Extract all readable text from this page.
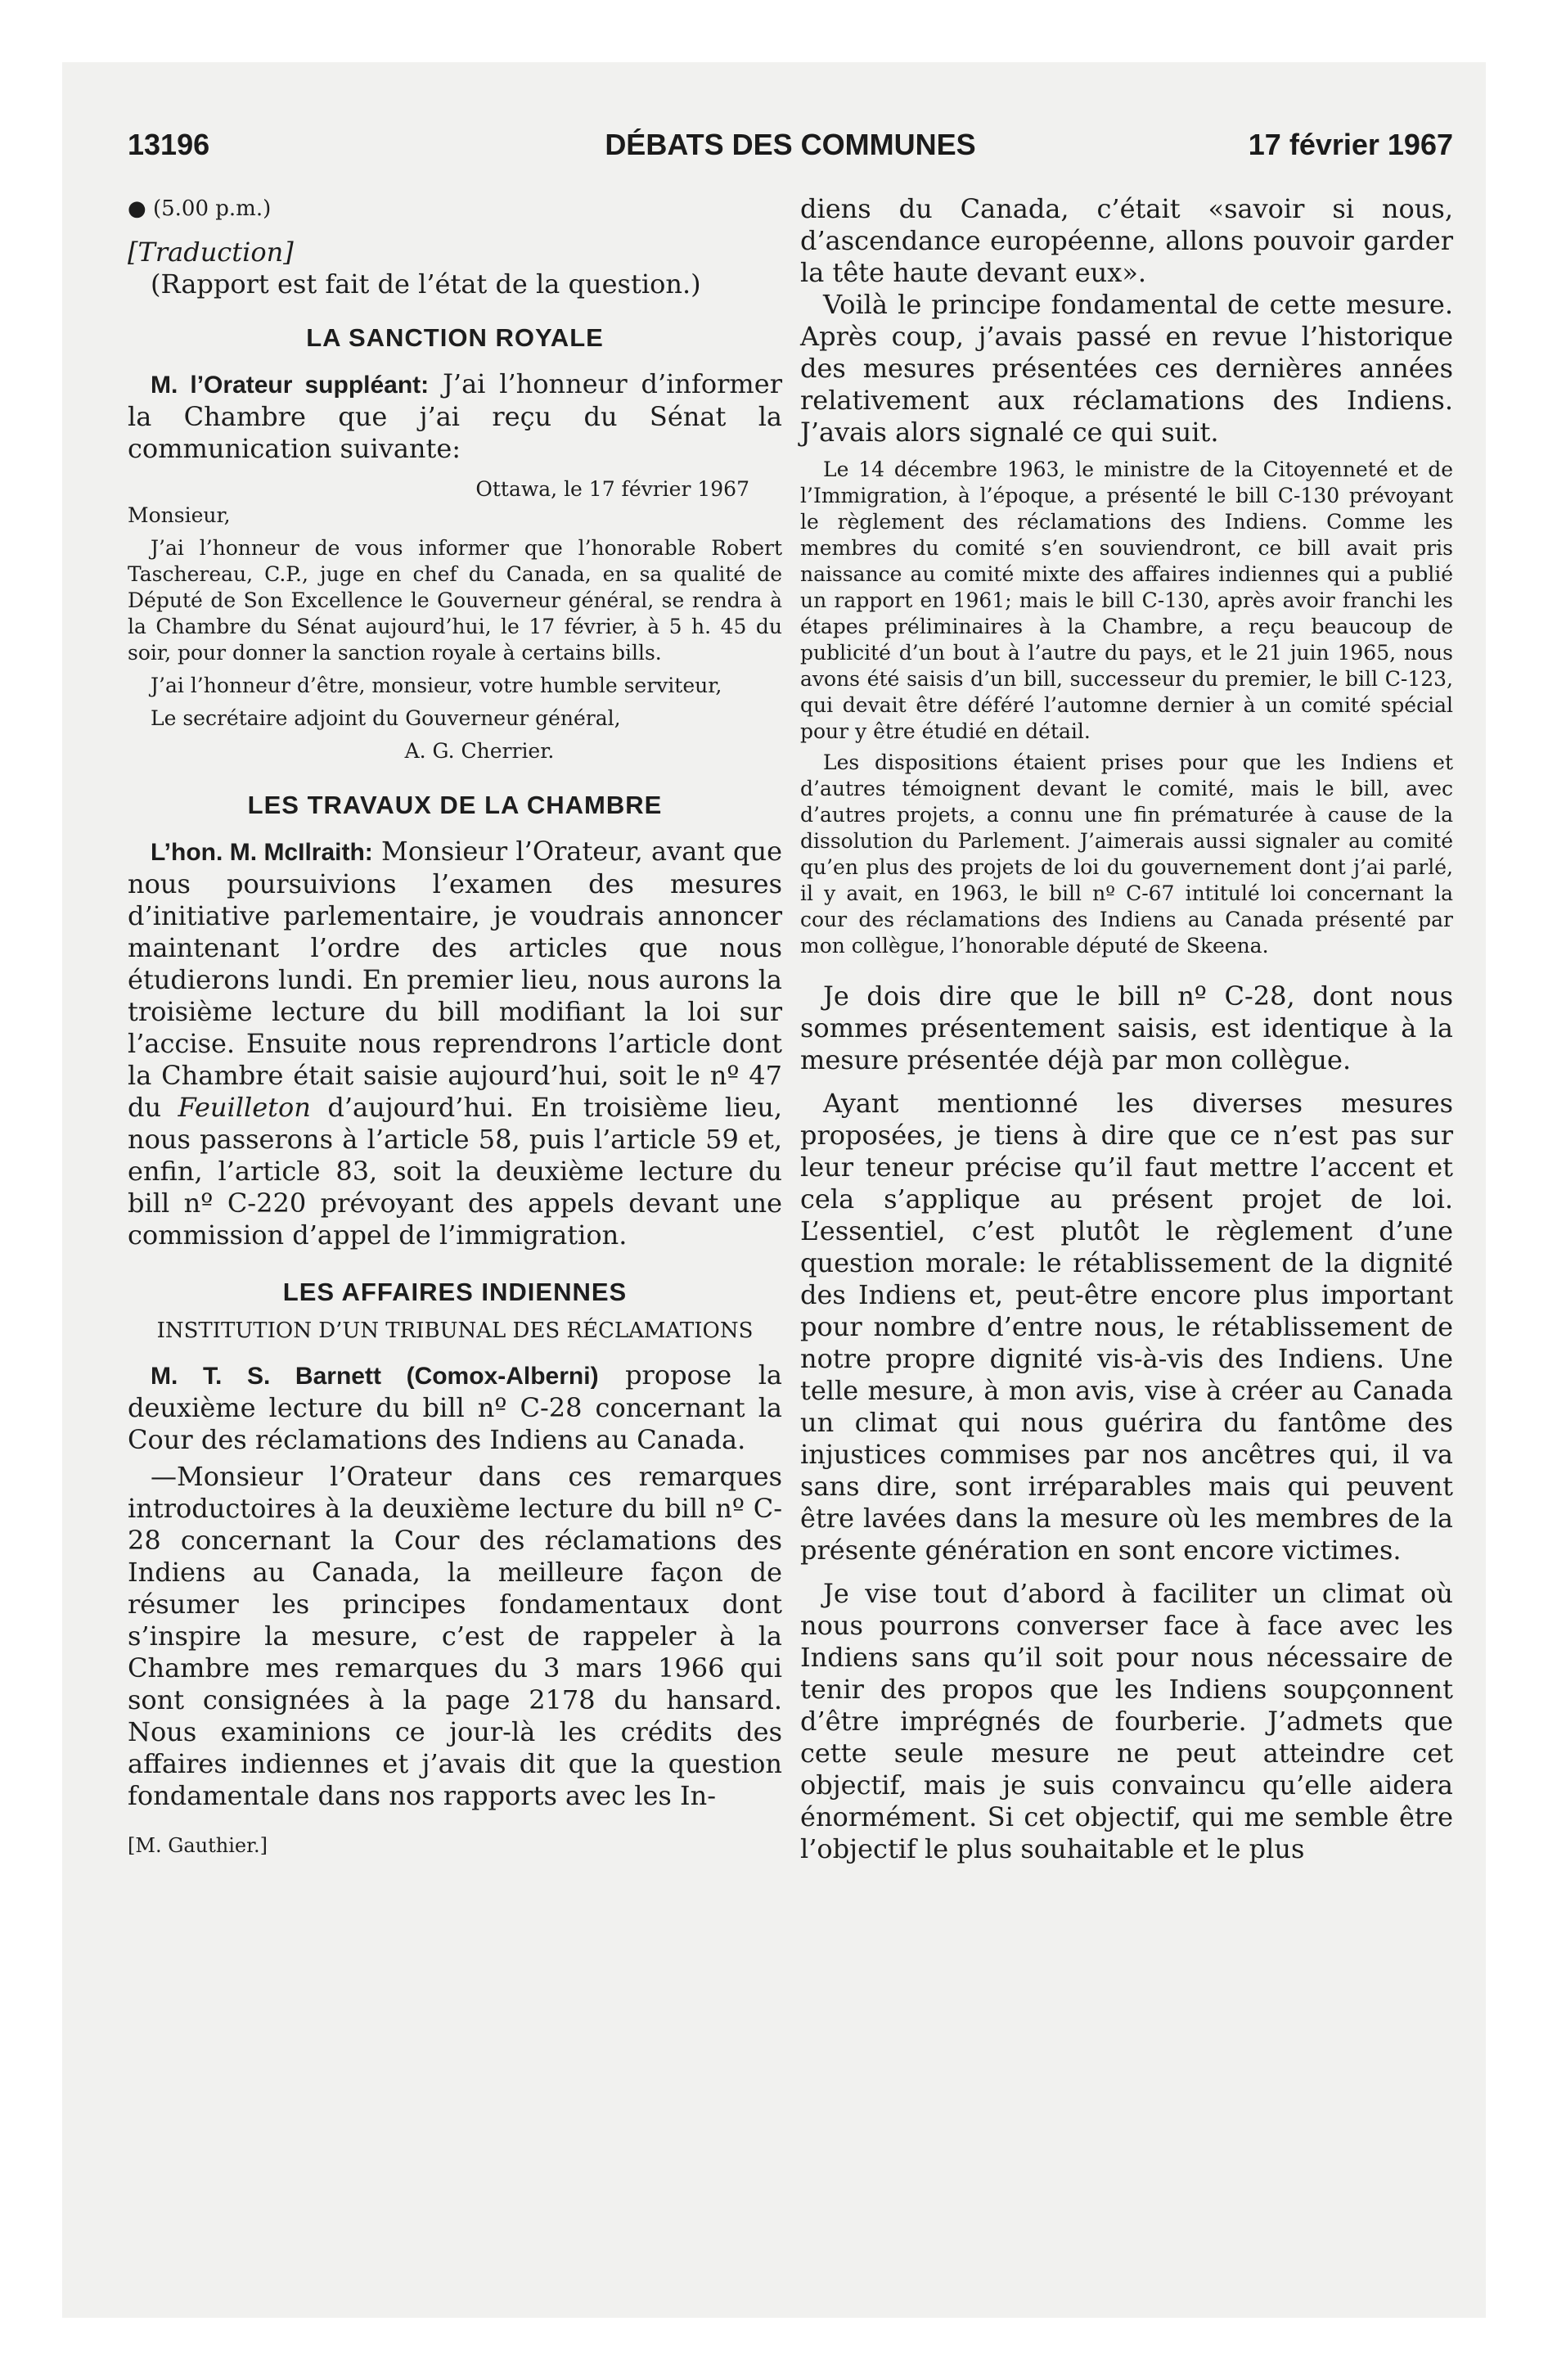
13196	DÉBATS DES COMMUNES	17 février 1967

● (5.00 p.m.)

[Traduction]

(Rapport est fait de l’état de la question.)

LA SANCTION ROYALE

M. l’Orateur suppléant: J’ai l’honneur d’informer la Chambre que j’ai reçu du Sénat la communication suivante:

Ottawa, le 17 février 1967

Monsieur,

J’ai l’honneur de vous informer que l’honorable Robert Taschereau, C.P., juge en chef du Canada, en sa qualité de Député de Son Excellence le Gouverneur général, se rendra à la Chambre du Sénat aujourd’hui, le 17 février, à 5 h. 45 du soir, pour donner la sanction royale à certains bills.

J’ai l’honneur d’être, monsieur, votre humble serviteur,

Le secrétaire adjoint du Gouverneur général,

A. G. Cherrier.

LES TRAVAUX DE LA CHAMBRE

L’hon. M. McIlraith: Monsieur l’Orateur, avant que nous poursuivions l’examen des mesures d’initiative parlementaire, je voudrais annoncer maintenant l’ordre des articles que nous étudierons lundi. En premier lieu, nous aurons la troisième lecture du bill modifiant la loi sur l’accise. Ensuite nous reprendrons l’article dont la Chambre était saisie aujourd’hui, soit le nº 47 du Feuilleton d’aujourd’hui. En troisième lieu, nous passerons à l’article 58, puis l’article 59 et, enfin, l’article 83, soit la deuxième lecture du bill nº C-220 prévoyant des appels devant une commission d’appel de l’immigration.

LES AFFAIRES INDIENNES

INSTITUTION D’UN TRIBUNAL DES RÉCLAMATIONS

M. T. S. Barnett (Comox-Alberni) propose la deuxième lecture du bill nº C-28 concernant la Cour des réclamations des Indiens au Canada.

—Monsieur l’Orateur dans ces remarques introductoires à la deuxième lecture du bill nº C-28 concernant la Cour des réclamations des Indiens au Canada, la meilleure façon de résumer les principes fondamentaux dont s’inspire la mesure, c’est de rappeler à la Chambre mes remarques du 3 mars 1966 qui sont consignées à la page 2178 du hansard. Nous examinions ce jour-là les crédits des affaires indiennes et j’avais dit que la question fondamentale dans nos rapports avec les In-

[M. Gauthier.]

diens du Canada, c’était «savoir si nous, d’ascendance européenne, allons pouvoir garder la tête haute devant eux».

Voilà le principe fondamental de cette mesure. Après coup, j’avais passé en revue l’historique des mesures présentées ces dernières années relativement aux réclamations des Indiens. J’avais alors signalé ce qui suit.

Le 14 décembre 1963, le ministre de la Citoyenneté et de l’Immigration, à l’époque, a présenté le bill C-130 prévoyant le règlement des réclamations des Indiens. Comme les membres du comité s’en souviendront, ce bill avait pris naissance au comité mixte des affaires indiennes qui a publié un rapport en 1961; mais le bill C-130, après avoir franchi les étapes préliminaires à la Chambre, a reçu beaucoup de publicité d’un bout à l’autre du pays, et le 21 juin 1965, nous avons été saisis d’un bill, successeur du premier, le bill C-123, qui devait être déféré l’automne dernier à un comité spécial pour y être étudié en détail.

Les dispositions étaient prises pour que les Indiens et d’autres témoignent devant le comité, mais le bill, avec d’autres projets, a connu une fin prématurée à cause de la dissolution du Parlement. J’aimerais aussi signaler au comité qu’en plus des projets de loi du gouvernement dont j’ai parlé, il y avait, en 1963, le bill nº C-67 intitulé loi concernant la cour des réclamations des Indiens au Canada présenté par mon collègue, l’honorable député de Skeena.

Je dois dire que le bill nº C-28, dont nous sommes présentement saisis, est identique à la mesure présentée déjà par mon collègue.

Ayant mentionné les diverses mesures proposées, je tiens à dire que ce n’est pas sur leur teneur précise qu’il faut mettre l’accent et cela s’applique au présent projet de loi. L’essentiel, c’est plutôt le règlement d’une question morale: le rétablissement de la dignité des Indiens et, peut-être encore plus important pour nombre d’entre nous, le rétablissement de notre propre dignité vis-à-vis des Indiens. Une telle mesure, à mon avis, vise à créer au Canada un climat qui nous guérira du fantôme des injustices commises par nos ancêtres qui, il va sans dire, sont irréparables mais qui peuvent être lavées dans la mesure où les membres de la présente génération en sont encore victimes.

Je vise tout d’abord à faciliter un climat où nous pourrons converser face à face avec les Indiens sans qu’il soit pour nous nécessaire de tenir des propos que les Indiens soupçonnent d’être imprégnés de fourberie. J’admets que cette seule mesure ne peut atteindre cet objectif, mais je suis convaincu qu’elle aidera énormément. Si cet objectif, qui me semble être l’objectif le plus souhaitable et le plus
